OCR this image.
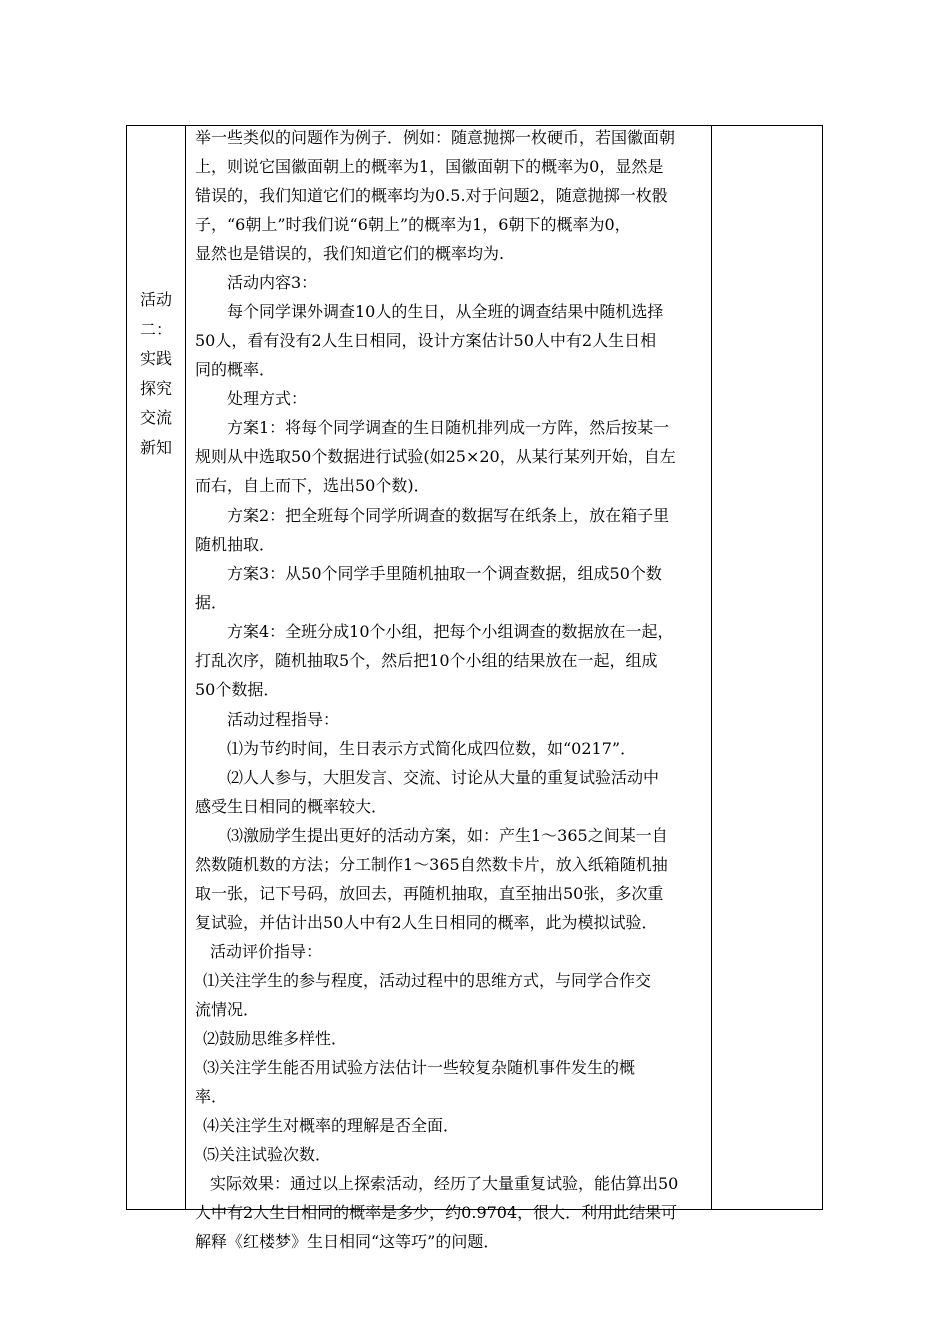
活动
二：
实践
探究
交流
新知
举一些类似的问题作为例子．例如：随意抛掷一枚硬币，若国徽面朝
上，则说它国徽面朝上的概率为1，国徽面朝下的概率为0，显然是
错误的，我们知道它们的概率均为0.5.对于问题2，随意抛掷一枚骰
子，“6朝上”时我们说“6朝上”的概率为1，6朝下的概率为0，
显然也是错误的，我们知道它们的概率均为.
活动内容3：
每个同学课外调查10人的生日，从全班的调查结果中随机选择
50人，看有没有2人生日相同，设计方案估计50人中有2人生日相
同的概率．
处理方式：
方案1：将每个同学调查的生日随机排列成一方阵，然后按某一
规则从中选取50个数据进行试验(如25×20，从某行某列开始，自左
而右，自上而下，选出50个数)．
方案2：把全班每个同学所调查的数据写在纸条上，放在箱子里
随机抽取．
方案3：从50个同学手里随机抽取一个调查数据，组成50个数
据．
方案4：全班分成10个小组，把每个小组调查的数据放在一起，
打乱次序，随机抽取5个，然后把10个小组的结果放在一起，组成
50个数据．
活动过程指导：
⑴为节约时间，生日表示方式简化成四位数，如“0217”．
⑵人人参与，大胆发言、交流、讨论从大量的重复试验活动中
感受生日相同的概率较大．
⑶激励学生提出更好的活动方案，如：产生1～365之间某一自
然数随机数的方法；分工制作1～365自然数卡片，放入纸箱随机抽
取一张，记下号码，放回去，再随机抽取，直至抽出50张，多次重
复试验，并估计出50人中有2人生日相同的概率，此为模拟试验．
活动评价指导：
⑴关注学生的参与程度，活动过程中的思维方式，与同学合作交
流情况．
⑵鼓励思维多样性．
⑶关注学生能否用试验方法估计一些较复杂随机事件发生的概
率．
⑷关注学生对概率的理解是否全面．
⑸关注试验次数．
实际效果：通过以上探索活动，经历了大量重复试验，能估算出50
人中有2人生日相同的概率是多少，约0.9704，很大．利用此结果可
解释《红楼梦》生日相同“这等巧”的问题．
